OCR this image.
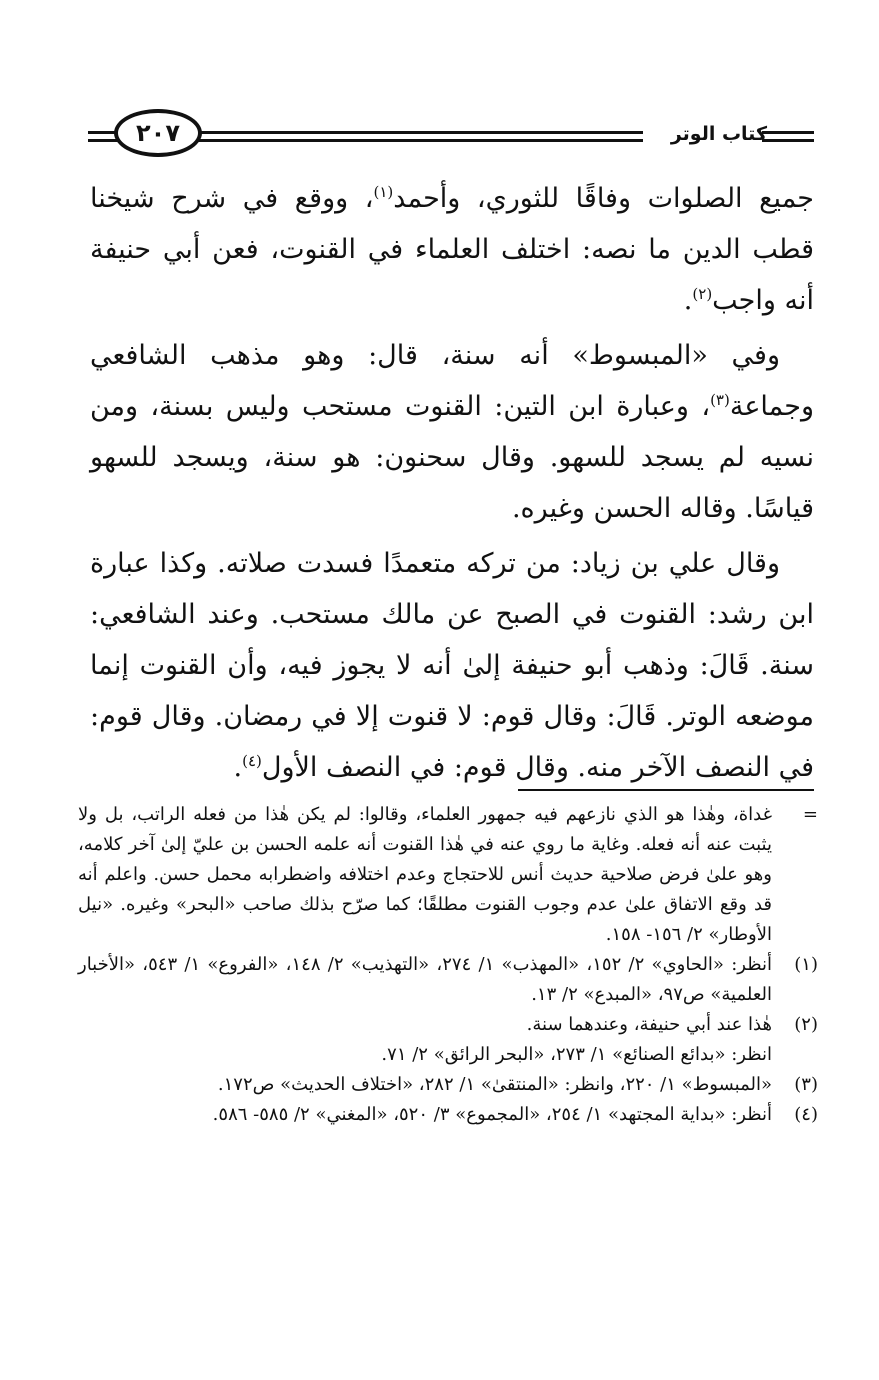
كتاب الوتر
٢٠٧

جميع الصلوات وفاقًا للثوري، وأحمد$^{(١)}$، ووقع في شرح شيخنا قطب الدين ما نصه: اختلف العلماء في القنوت، فعن أبي حنيفة أنه واجب$^{(٢)}$.

وفي «المبسوط» أنه سنة، قال: وهو مذهب الشافعي وجماعة$^{(٣)}$، وعبارة ابن التين: القنوت مستحب وليس بسنة، ومن نسيه لم يسجد للسهو. وقال سحنون: هو سنة، ويسجد للسهو قياسًا. وقاله الحسن وغيره.

وقال علي بن زياد: من تركه متعمدًا فسدت صلاته. وكذا عبارة ابن رشد: القنوت في الصبح عن مالك مستحب. وعند الشافعي: سنة. قَالَ: وذهب أبو حنيفة إلىٰ أنه لا يجوز فيه، وأن القنوت إنما موضعه الوتر. قَالَ: وقال قوم: لا قنوت إلا في رمضان. وقال قوم: في النصف الآخر منه. وقال قوم: في النصف الأول$^{(٤)}$.

=

غداة، وهٰذا هو الذي نازعهم فيه جمهور العلماء، وقالوا: لم يكن هٰذا من فعله الراتب، بل ولا يثبت عنه أنه فعله. وغاية ما روي عنه في هٰذا القنوت أنه علمه الحسن بن عليّ إلىٰ آخر كلامه، وهو علىٰ فرض صلاحية حديث أنس للاحتجاج وعدم اختلافه واضطرابه محمل حسن. واعلم أنه قد وقع الاتفاق علىٰ عدم وجوب القنوت مطلقًا؛ كما صرّح بذلك صاحب «البحر» وغيره. «نيل الأوطار» ٢/ ١٥٦- ١٥٨.

(١)

أنظر: «الحاوي» ٢/ ١٥٢، «المهذب» ١/ ٢٧٤، «التهذيب» ٢/ ١٤٨، «الفروع» ١/ ٥٤٣، «الأخبار العلمية» ص٩٧، «المبدع» ٢/ ١٣.

(٢)

هٰذا عند أبي حنيفة، وعندهما سنة.

انظر: «بدائع الصنائع» ١/ ٢٧٣، «البحر الرائق» ٢/ ٧١.

(٣)

«المبسوط» ١/ ٢٢٠، وانظر: «المنتقىٰ» ١/ ٢٨٢، «اختلاف الحديث» ص١٧٢.

(٤)

أنظر: «بداية المجتهد» ١/ ٢٥٤، «المجموع» ٣/ ٥٢٠، «المغني» ٢/ ٥٨٥- ٥٨٦.
